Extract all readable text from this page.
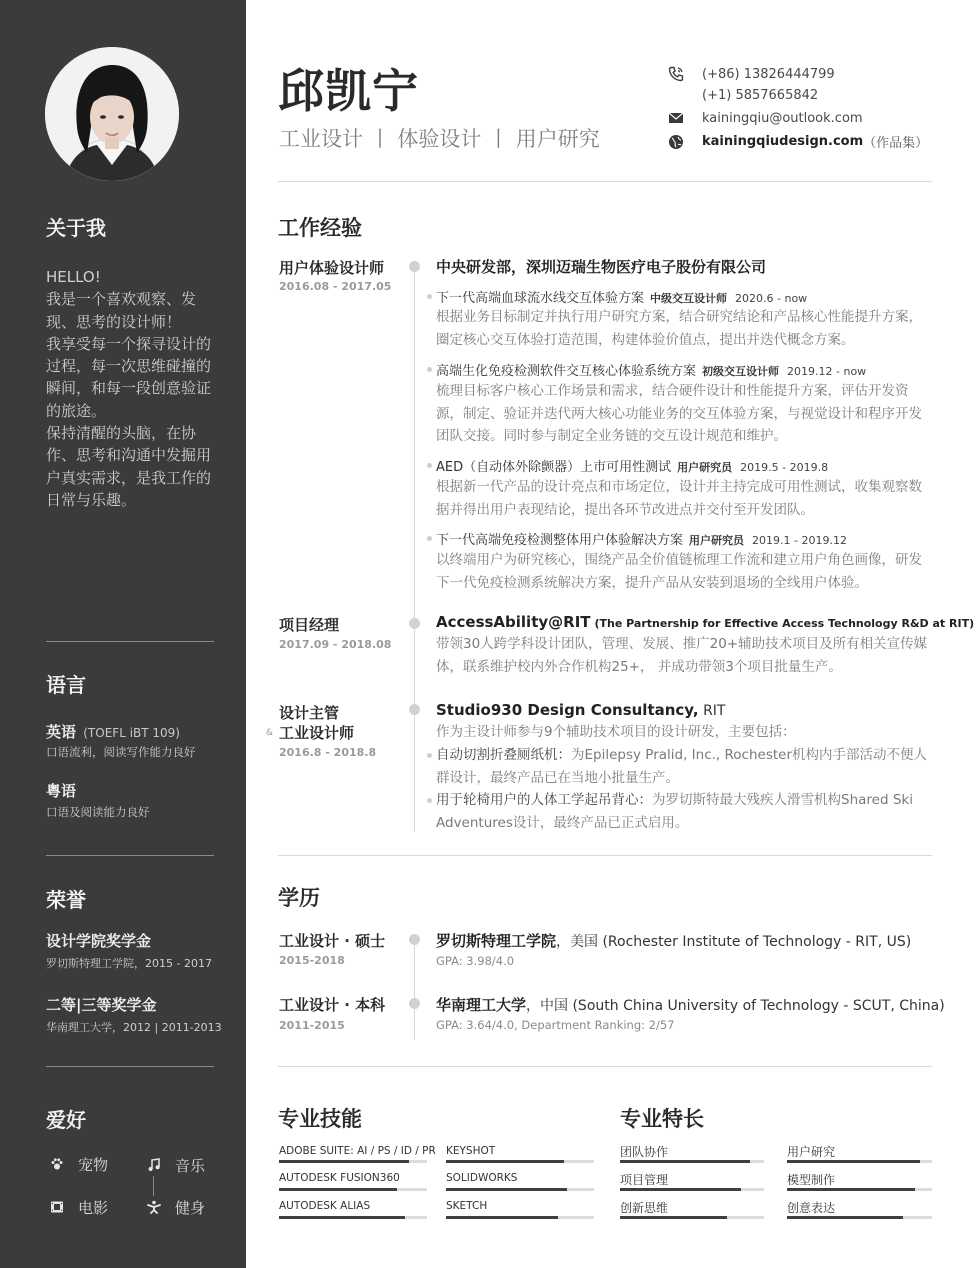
关于我

HELLO!

我是一个喜欢观察、发现、思考的设计师！

我享受每一个探寻设计的过程，每一次思维碰撞的瞬间，和每一段创意验证的旅途。

保持清醒的头脑，在协作、思考和沟通中发掘用户真实需求，是我工作的日常与乐趣。

语言
英语 (TOEFL iBT 109)
口语流利，阅读写作能力良好
粤语
口语及阅读能力良好
荣誉
设计学院奖学金
罗切斯特理工学院，2015 - 2017
二等|三等奖学金
华南理工大学，2012 | 2011-2013
爱好
宠物	音乐
电影	健身
邱凯宁
工业设计 丨 体验设计 丨 用户研究
(+86) 13826444799
(+1) 5857665842
kainingqiu@outlook.com
kainingqiudesign.com （作品集）
工作经验
用户体验设计师
2016.08 - 2017.05
中央研发部，深圳迈瑞生物医疗电子股份有限公司
下一代高端血球流水线交互体验方案 中级交互设计师 2020.6 - now
根据业务目标制定并执行用户研究方案，结合研究结论和产品核心性能提升方案，圈定核心交互体验打造范围，构建体验价值点，提出并迭代概念方案。
高端生化免疫检测软件交互核心体验系统方案 初级交互设计师 2019.12 - now
梳理目标客户核心工作场景和需求，结合硬件设计和性能提升方案，评估开发资源，制定、验证并迭代两大核心功能业务的交互体验方案，与视觉设计和程序开发团队交接。同时参与制定全业务链的交互设计规范和维护。
AED（自动体外除颤器）上市可用性测试 用户研究员 2019.5 - 2019.8
根据新一代产品的设计亮点和市场定位，设计并主持完成可用性测试，收集观察数据并得出用户表现结论，提出各环节改进点并交付至开发团队。
下一代高端免疫检测整体用户体验解决方案 用户研究员 2019.1 - 2019.12
以终端用户为研究核心，围绕产品全价值链梳理工作流和建立用户角色画像，研发下一代免疫检测系统解决方案，提升产品从安装到退场的全线用户体验。
项目经理
2017.09 - 2018.08
AccessAbility@RIT (The Partnership for Effective Access Technology R&D at RIT)
带领30人跨学科设计团队，管理、发展、推广20+辅助技术项目及所有相关宣传媒体，联系维护校内外合作机构25+， 并成功带领3个项目批量生产。
设计主管
& 工业设计师
2016.8 - 2018.8
Studio930 Design Consultancy, RIT
作为主设计师参与9个辅助技术项目的设计研发，主要包括：
自动切割折叠厕纸机：为Epilepsy Pralid, Inc., Rochester机构内手部活动不便人群设计，最终产品已在当地小批量生产。
用于轮椅用户的人体工学起吊背心：为罗切斯特最大残疾人滑雪机构Shared Ski Adventures设计，最终产品已正式启用。
学历
工业设计 · 硕士
2015-2018
罗切斯特理工学院，美国 (Rochester Institute of Technology - RIT, US)
GPA: 3.98/4.0
工业设计 · 本科
2011-2015
华南理工大学，中国 (South China University of Technology - SCUT, China)
GPA: 3.64/4.0, Department Ranking: 2/57
专业技能	专业特长
ADOBE SUITE: AI / PS / ID / PR KEYSHOT
AUTODESK FUSION360	SOLIDWORKS
AUTODESK ALIAS	SKETCH
团队协作	用户研究
项目管理	模型制作
创新思维	创意表达
